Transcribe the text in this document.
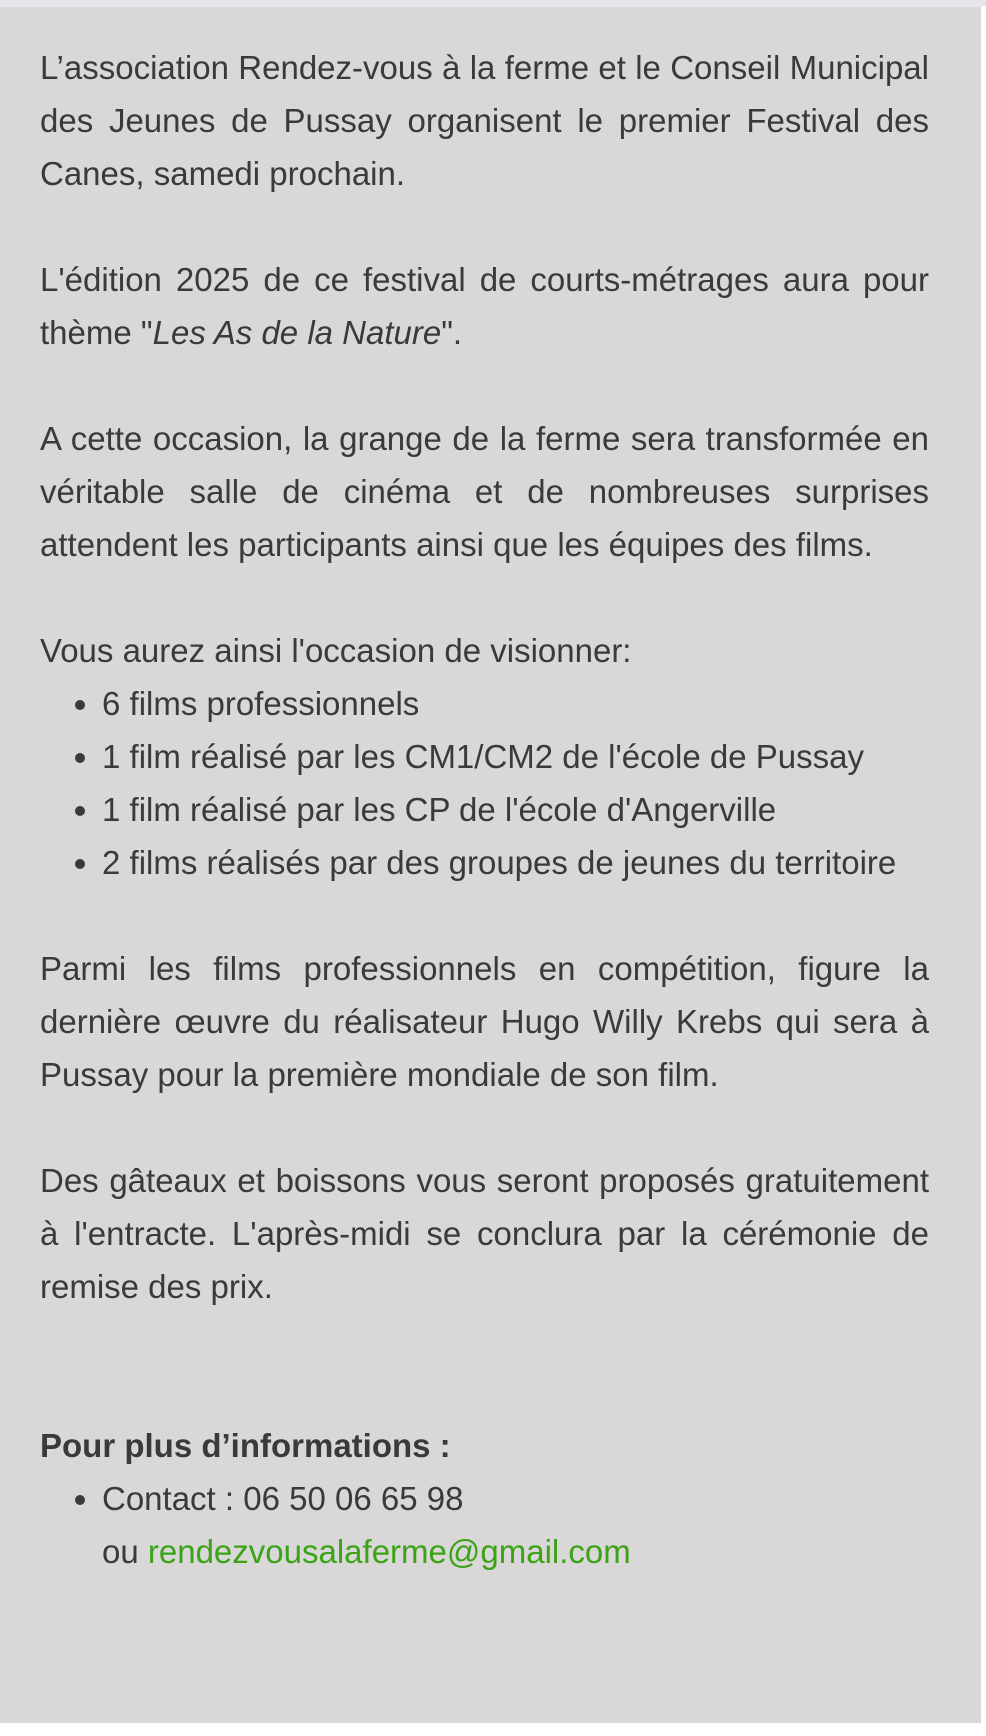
L’association Rendez-vous à la ferme et le Conseil Municipal des Jeunes de Pussay organisent le premier Festival des Canes, samedi prochain.

L'édition 2025 de ce festival de courts-métrages aura pour thème "Les As de la Nature".

A cette occasion, la grange de la ferme sera transformée en véritable salle de cinéma et de nombreuses surprises attendent les participants ainsi que les équipes des films.

Vous aurez ainsi l'occasion de visionner:

• 6 films professionnels
• 1 film réalisé par les CM1/CM2 de l'école de Pussay
• 1 film réalisé par les CP de l'école d'Angerville
• 2 films réalisés par des groupes de jeunes du territoire

Parmi les films professionnels en compétition, figure la dernière œuvre du réalisateur Hugo Willy Krebs qui sera à Pussay pour la première mondiale de son film.

Des gâteaux et boissons vous seront proposés gratuitement à l'entracte. L'après-midi se conclura par la cérémonie de remise des prix.

Pour plus d’informations :

• Contact : 06 50 06 65 98
ou rendezvousalaferme@gmail.com
